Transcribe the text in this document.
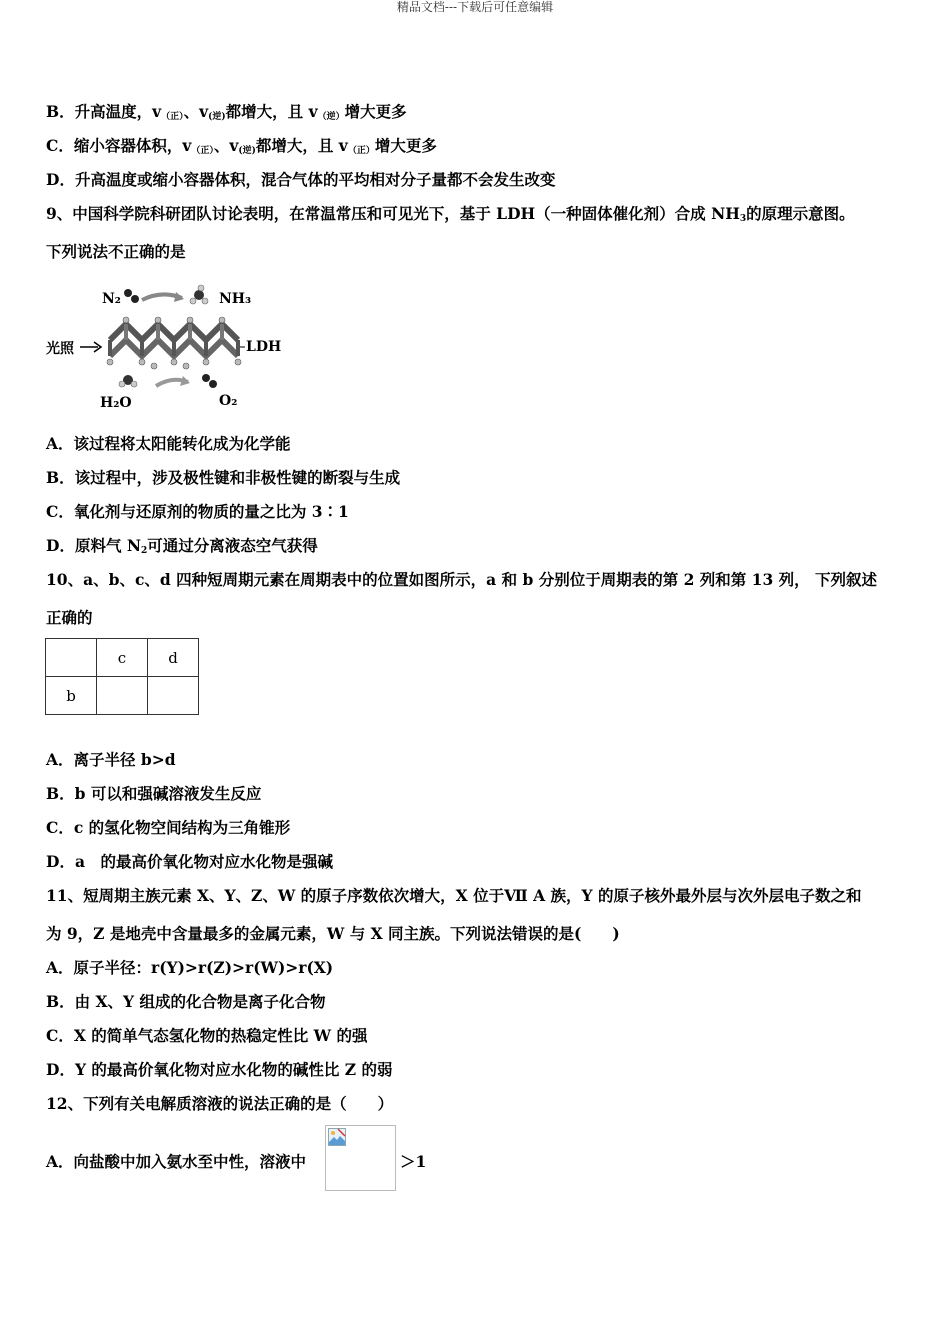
精品文档---下载后可任意编辑
B．升高温度，$v_{(正)}$、$v_{(逆)}$都增大，且 $v_{(逆)}$增大更多
C．缩小容器体积，$v_{(正)}$、$v_{(逆)}$都增大，且 $v_{(正)}$增大更多
D．升高温度或缩小容器体积，混合气体的平均相对分子量都不会发生改变
9、中国科学院科研团队讨论表明，在常温常压和可见光下，基于 LDH（一种固体催化剂）合成 $NH_3$的原理示意图。
下列说法不正确的是
N₂	NH₃
光照	LDH
H₂O	O₂
A．该过程将太阳能转化成为化学能
B．该过程中，涉及极性键和非极性键的断裂与生成
C．氧化剂与还原剂的物质的量之比为 3∶1
D．原料气 $N_2$可通过分离液态空气获得
10、a、b、c、d 四种短周期元素在周期表中的位置如图所示，a 和 b 分别位于周期表的第 2 列和第 13 列， 下列叙述
正确的
	c	d
b		
A．离子半径 b>d
B．b 可以和强碱溶液发生反应
C．c 的氢化物空间结构为三角锥形
D．a　的最高价氧化物对应水化物是强碱
11、短周期主族元素 X、Y、Z、W 的原子序数依次增大，X 位于Ⅶ A 族，Y 的原子核外最外层与次外层电子数之和
为 9，Z 是地壳中含量最多的金属元素，W 与 X 同主族。下列说法错误的是(　　)
A．原子半径：r(Y)>r(Z)>r(W)>r(X)
B．由 X、Y 组成的化合物是离子化合物
C．X 的简单气态氢化物的热稳定性比 W 的强
D．Y 的最高价氧化物对应水化物的碱性比 Z 的弱
12、下列有关电解质溶液的说法正确的是（　　）
A．向盐酸中加入氨水至中性，溶液中	＞1
